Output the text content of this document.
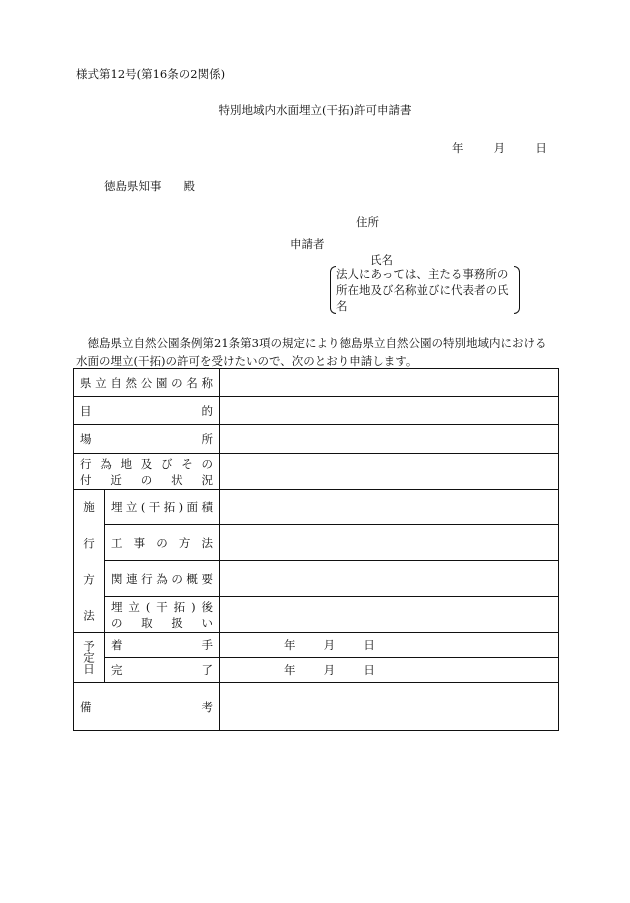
様式第12号(第16条の2関係)
特別地域内水面埋立(干拓)許可申請書
年	月	日
徳島県知事 殿
住所
申請者
氏名
法人にあっては、主たる事務所の所在地及び名称並びに代表者の氏名
徳島県立自然公園条例第21条第3項の規定により徳島県立自然公園の特別地域内における水面の埋立(干拓)の許可を受けたいので、次のとおり申請します。
県立自然公園の名称		

目的		

場所		

行為地及びその
付近の状況		

施行方法	埋立(干拓)面積	

	工事の方法	

	関連行為の概要	

	埋立(干拓)後
の取扱い	

予定日	着手	年 月 日

	完了	年 月 日

備考		
